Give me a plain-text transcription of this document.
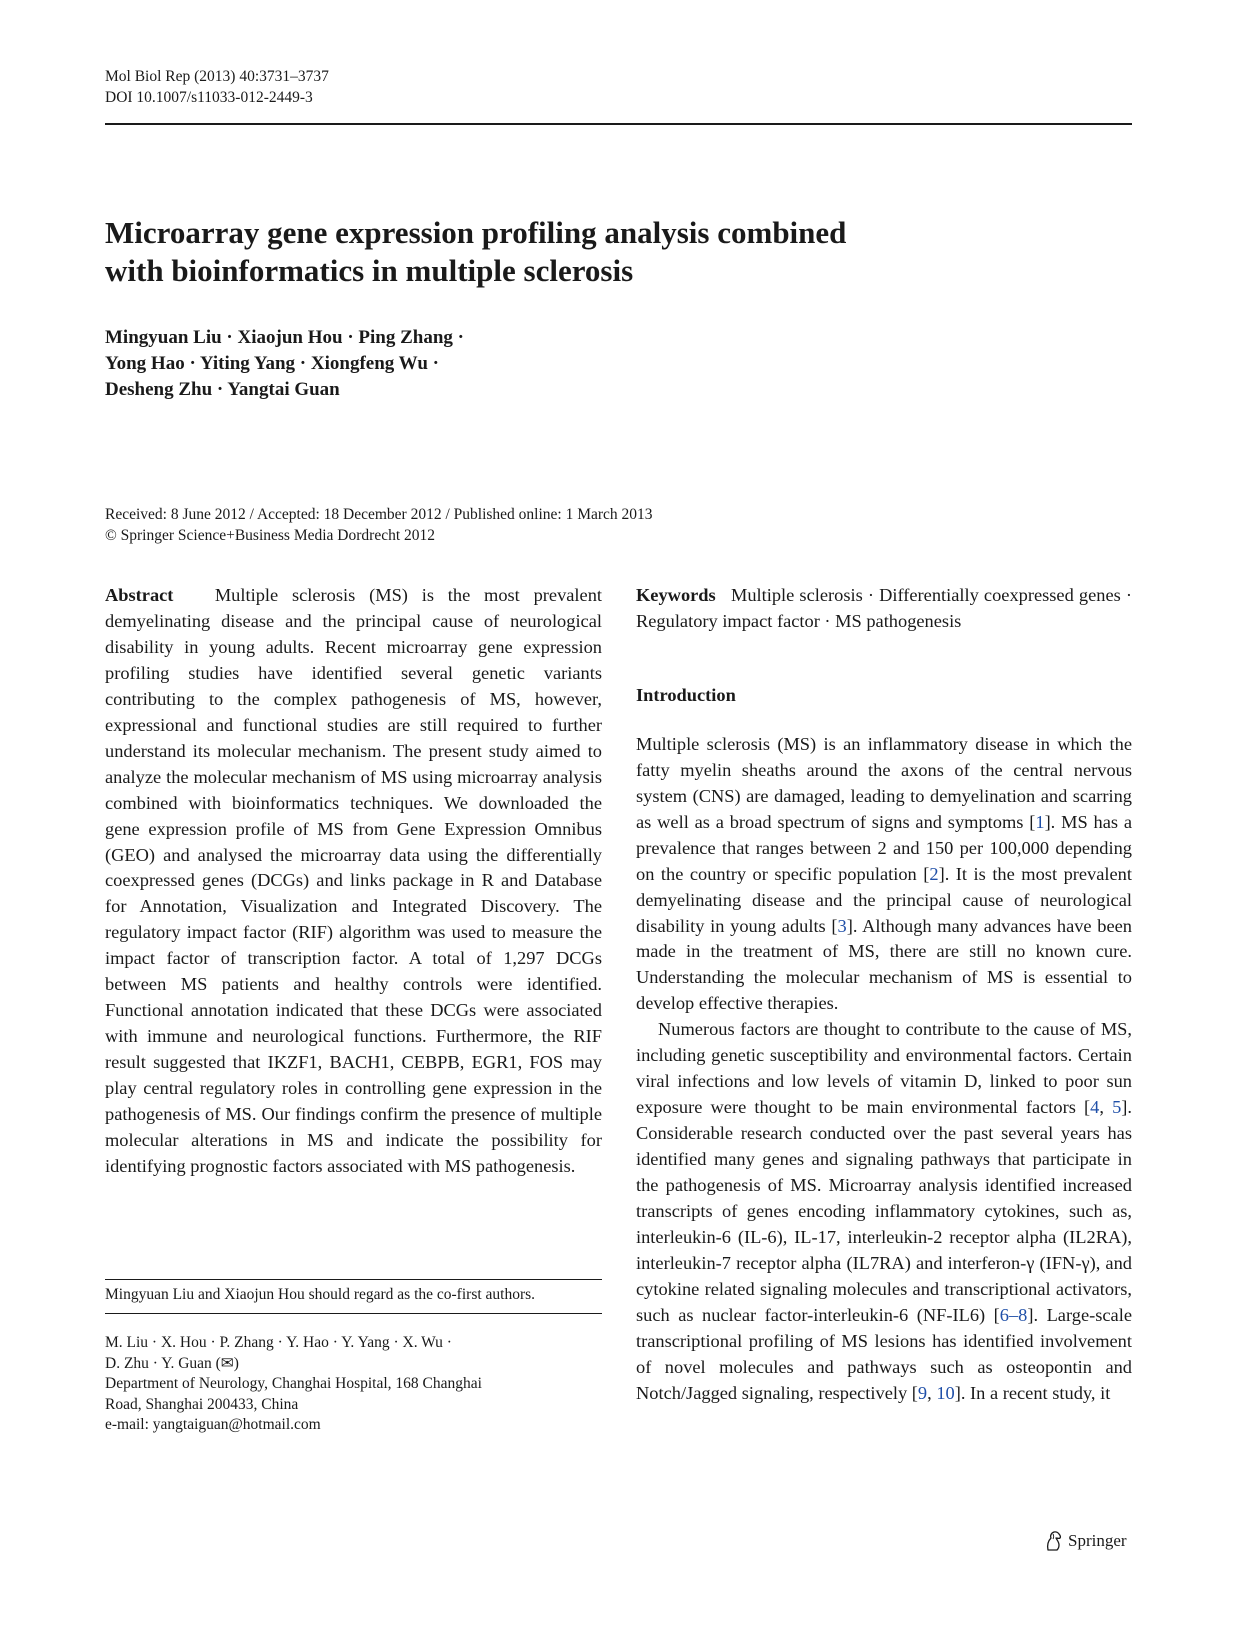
Mol Biol Rep (2013) 40:3731–3737
DOI 10.1007/s11033-012-2449-3
Microarray gene expression profiling analysis combined
with bioinformatics in multiple sclerosis
Mingyuan Liu · Xiaojun Hou · Ping Zhang ·
Yong Hao · Yiting Yang · Xiongfeng Wu ·
Desheng Zhu · Yangtai Guan
Received: 8 June 2012 / Accepted: 18 December 2012 / Published online: 1 March 2013
© Springer Science+Business Media Dordrecht 2012

Abstract Multiple sclerosis (MS) is the most prevalent demyelinating disease and the principal cause of neurological disability in young adults. Recent microarray gene expression profiling studies have identified several genetic variants contributing to the complex pathogenesis of MS, however, expressional and functional studies are still required to further understand its molecular mechanism. The present study aimed to analyze the molecular mechanism of MS using microarray analysis combined with bioinformatics techniques. We downloaded the gene expression profile of MS from Gene Expression Omnibus (GEO) and analysed the microarray data using the differentially coexpressed genes (DCGs) and links package in R and Database for Annotation, Visualization and Integrated Discovery. The regulatory impact factor (RIF) algorithm was used to measure the impact factor of transcription factor. A total of 1,297 DCGs between MS patients and healthy controls were identified. Functional annotation indicated that these DCGs were associated with immune and neurological functions. Furthermore, the RIF result suggested that IKZF1, BACH1, CEBPB, EGR1, FOS may play central regulatory roles in controlling gene expression in the pathogenesis of MS. Our findings confirm the presence of multiple molecular alterations in MS and indicate the possibility for identifying prognostic factors associated with MS pathogenesis.

Mingyuan Liu and Xiaojun Hou should regard as the co-first authors.
M. Liu · X. Hou · P. Zhang · Y. Hao · Y. Yang · X. Wu ·
D. Zhu · Y. Guan (✉)
Department of Neurology, Changhai Hospital, 168 Changhai
Road, Shanghai 200433, China
e-mail: yangtaiguan@hotmail.com

Keywords Multiple sclerosis · Differentially coexpressed genes · Regulatory impact factor · MS pathogenesis

Introduction

Multiple sclerosis (MS) is an inflammatory disease in which the fatty myelin sheaths around the axons of the central nervous system (CNS) are damaged, leading to demyelination and scarring as well as a broad spectrum of signs and symptoms [1]. MS has a prevalence that ranges between 2 and 150 per 100,000 depending on the country or specific population [2]. It is the most prevalent demyelinating disease and the principal cause of neurological disability in young adults [3]. Although many advances have been made in the treatment of MS, there are still no known cure. Understanding the molecular mechanism of MS is essential to develop effective therapies.

Numerous factors are thought to contribute to the cause of MS, including genetic susceptibility and environmental factors. Certain viral infections and low levels of vitamin D, linked to poor sun exposure were thought to be main environmental factors [4, 5]. Considerable research conducted over the past several years has identified many genes and signaling pathways that participate in the pathogenesis of MS. Microarray analysis identified increased transcripts of genes encoding inflammatory cytokines, such as, interleukin-6 (IL-6), IL-17, interleukin-2 receptor alpha (IL2RA), interleukin-7 receptor alpha (IL7RA) and interferon-γ (IFN-γ), and cytokine related signaling molecules and transcriptional activators, such as nuclear factor-interleukin-6 (NF-IL6) [6–8]. Large-scale transcriptional profiling of MS lesions has identified involvement of novel molecules and pathways such as osteopontin and Notch/Jagged signaling, respectively [9, 10]. In a recent study, it

Springer
